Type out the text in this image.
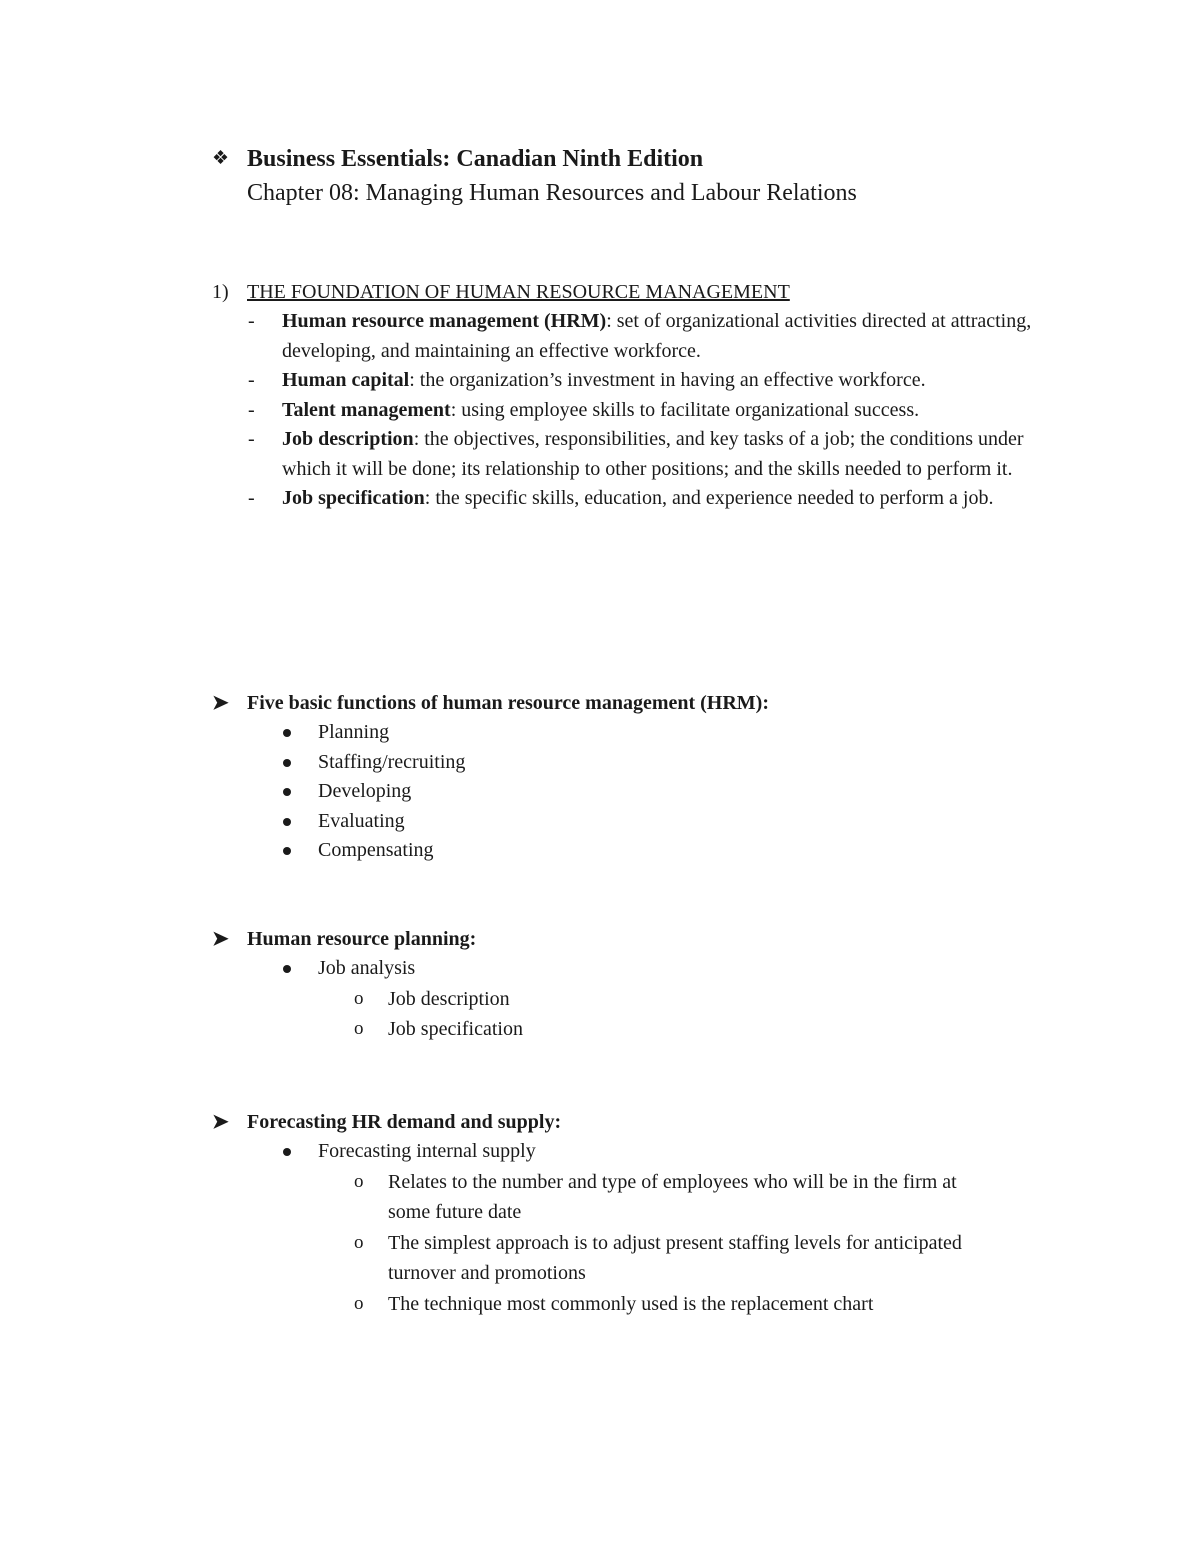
❖ Business Essentials: Canadian Ninth Edition
Chapter 08: Managing Human Resources and Labour Relations
1) THE FOUNDATION OF HUMAN RESOURCE MANAGEMENT
- Human resource management (HRM): set of organizational activities directed at attracting, developing, and maintaining an effective workforce.
- Human capital: the organization’s investment in having an effective workforce.
- Talent management: using employee skills to facilitate organizational success.
- Job description: the objectives, responsibilities, and key tasks of a job; the conditions under which it will be done; its relationship to other positions; and the skills needed to perform it.
- Job specification: the specific skills, education, and experience needed to perform a job.
➤ Five basic functions of human resource management (HRM):
Planning
Staffing/recruiting
Developing
Evaluating
Compensating
➤ Human resource planning:
Job analysis
o Job description
o Job specification
➤ Forecasting HR demand and supply:
Forecasting internal supply
o Relates to the number and type of employees who will be in the firm at some future date
o The simplest approach is to adjust present staffing levels for anticipated turnover and promotions
o The technique most commonly used is the replacement chart
